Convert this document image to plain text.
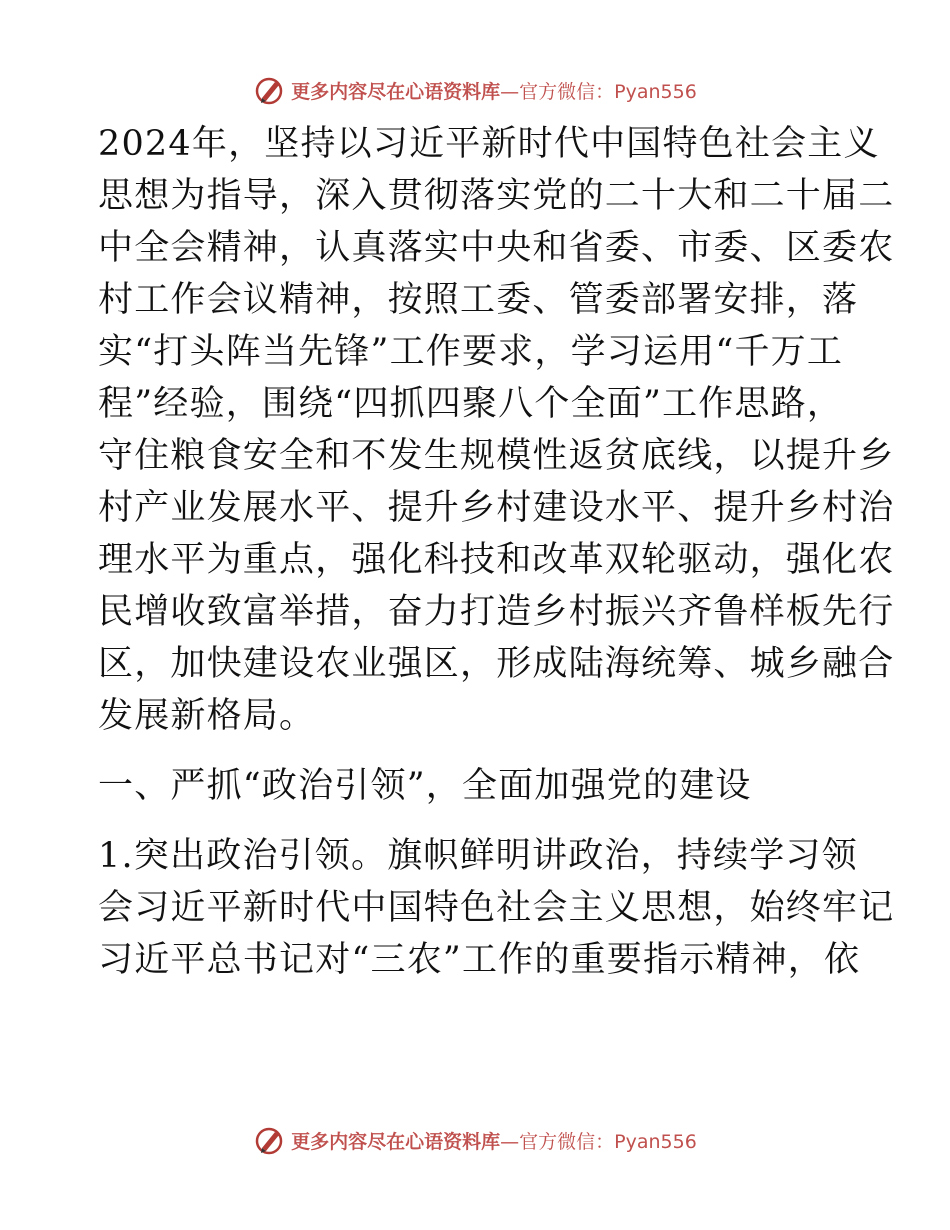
更多内容尽在心语资料库 —官方微信：Pyan556
2024年，坚持以习近平新时代中国特色社会主义
思想为指导，深入贯彻落实党的二十大和二十届二
中全会精神，认真落实中央和省委、市委、区委农
村工作会议精神，按照工委、管委部署安排，落
实“打头阵当先锋”工作要求，学习运用“千万工
程”经验，围绕“四抓四聚八个全面”工作思路，
守住粮食安全和不发生规模性返贫底线，以提升乡
村产业发展水平、提升乡村建设水平、提升乡村治
理水平为重点，强化科技和改革双轮驱动，强化农
民增收致富举措，奋力打造乡村振兴齐鲁样板先行
区，加快建设农业强区，形成陆海统筹、城乡融合
发展新格局。
一、严抓“政治引领”，全面加强党的建设
1.突出政治引领。旗帜鲜明讲政治，持续学习领
会习近平新时代中国特色社会主义思想，始终牢记
习近平总书记对“三农”工作的重要指示精神，依
更多内容尽在心语资料库 —官方微信：Pyan556
